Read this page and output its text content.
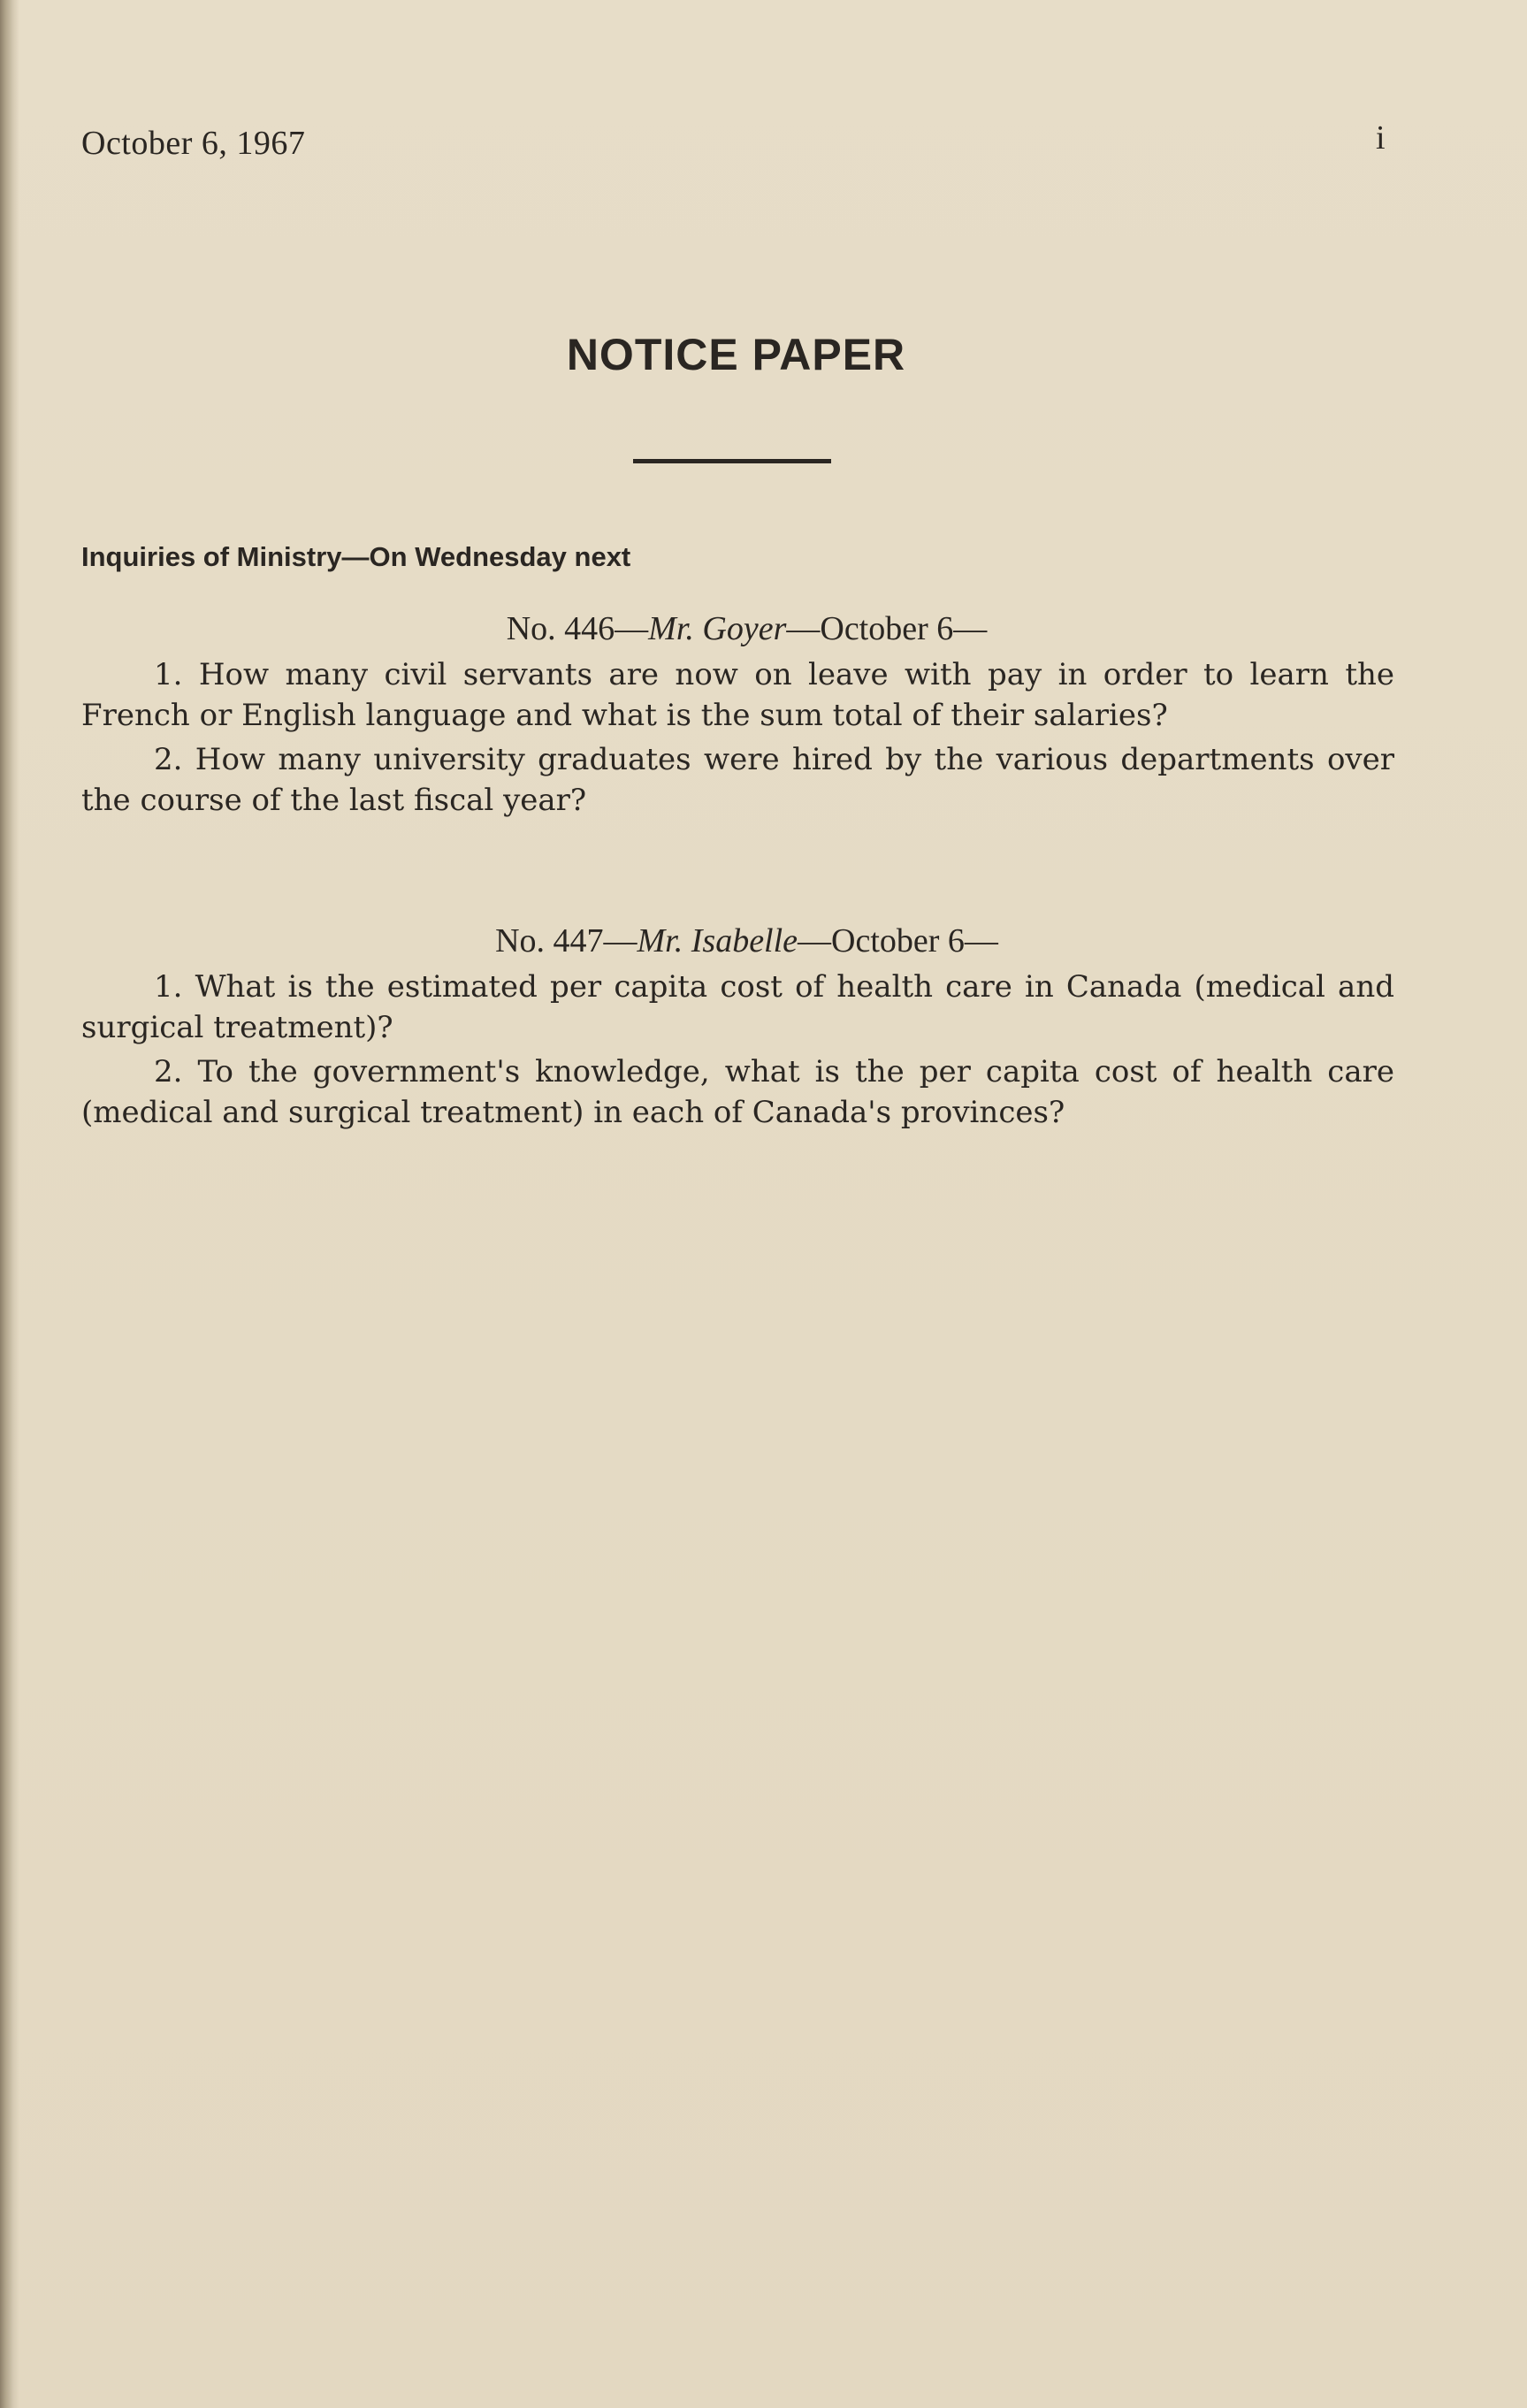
October 6, 1967	i
NOTICE PAPER
Inquiries of Ministry—On Wednesday next
No. 446—Mr. Goyer—October 6—
1. How many civil servants are now on leave with pay in order to learn the French or English language and what is the sum total of their salaries?
2. How many university graduates were hired by the various departments over the course of the last fiscal year?
No. 447—Mr. Isabelle—October 6—
1. What is the estimated per capita cost of health care in Canada (medical and surgical treatment)?
2. To the government's knowledge, what is the per capita cost of health care (medical and surgical treatment) in each of Canada's provinces?
